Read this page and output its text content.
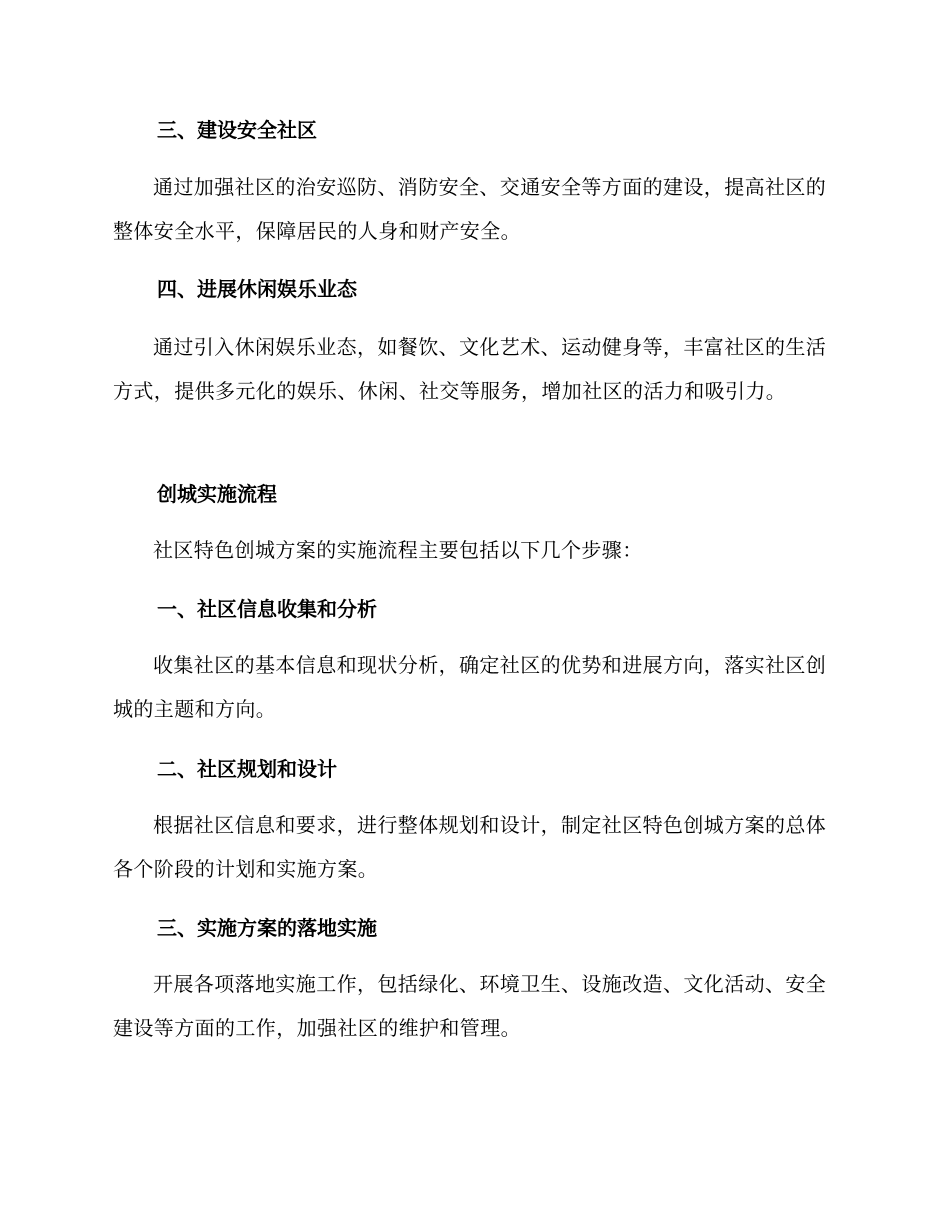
三、建设安全社区

通过加强社区的治安巡防、消防安全、交通安全等方面的建设，提高社区的整体安全水平，保障居民的人身和财产安全。

四、进展休闲娱乐业态

通过引入休闲娱乐业态，如餐饮、文化艺术、运动健身等，丰富社区的生活方式，提供多元化的娱乐、休闲、社交等服务，增加社区的活力和吸引力。

创城实施流程

社区特色创城方案的实施流程主要包括以下几个步骤：

一、社区信息收集和分析

收集社区的基本信息和现状分析，确定社区的优势和进展方向，落实社区创城的主题和方向。

二、社区规划和设计

根据社区信息和要求，进行整体规划和设计，制定社区特色创城方案的总体各个阶段的计划和实施方案。

三、实施方案的落地实施

开展各项落地实施工作，包括绿化、环境卫生、设施改造、文化活动、安全建设等方面的工作，加强社区的维护和管理。
